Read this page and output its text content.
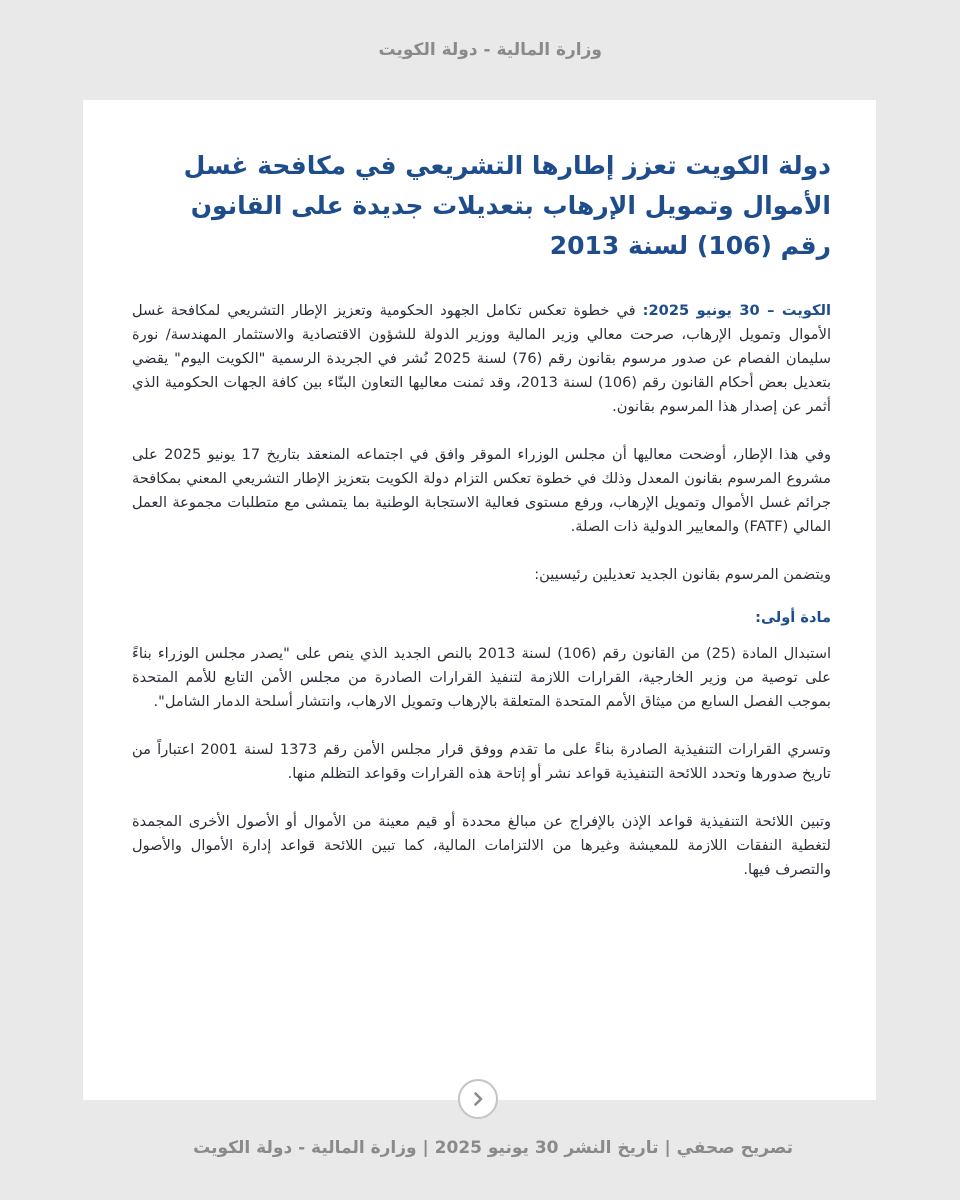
وزارة المالية - دولة الكويت
دولة الكويت تعزز إطارها التشريعي في مكافحة غسل الأموال وتمويل الإرهاب بتعديلات جديدة على القانون رقم (106) لسنة 2013

الكويت – 30 يونيو 2025: في خطوة تعكس تكامل الجهود الحكومية وتعزيز الإطار التشريعي لمكافحة غسل الأموال وتمويل الإرهاب، صرحت معالي وزير المالية ووزير الدولة للشؤون الاقتصادية والاستثمار المهندسة/ نورة سليمان الفصام عن صدور مرسوم بقانون رقم (76) لسنة 2025 نُشر في الجريدة الرسمية "الكويت اليوم" يقضي بتعديل بعض أحكام القانون رقم (106) لسنة 2013، وقد ثمنت معاليها التعاون البنّاء بين كافة الجهات الحكومية الذي أثمر عن إصدار هذا المرسوم بقانون.

وفي هذا الإطار، أوضحت معاليها أن مجلس الوزراء الموقر وافق في اجتماعه المنعقد بتاريخ 17 يونيو 2025 على مشروع المرسوم بقانون المعدل وذلك في خطوة تعكس التزام دولة الكويت بتعزيز الإطار التشريعي المعني بمكافحة جرائم غسل الأموال وتمويل الإرهاب، ورفع مستوى فعالية الاستجابة الوطنية بما يتمشى مع متطلبات مجموعة العمل المالي (FATF) والمعايير الدولية ذات الصلة.

ويتضمن المرسوم بقانون الجديد تعديلين رئيسيين:

مادة أولى:

استبدال المادة (25) من القانون رقم (106) لسنة 2013 بالنص الجديد الذي ينص على "يصدر مجلس الوزراء بناءً على توصية من وزير الخارجية، القرارات اللازمة لتنفيذ القرارات الصادرة من مجلس الأمن التابع للأمم المتحدة بموجب الفصل السابع من ميثاق الأمم المتحدة المتعلقة بالإرهاب وتمويل الارهاب، وانتشار أسلحة الدمار الشامل".

وتسري القرارات التنفيذية الصادرة بناءً على ما تقدم ووفق قرار مجلس الأمن رقم 1373 لسنة 2001 اعتباراً من تاريخ صدورها وتحدد اللائحة التنفيذية قواعد نشر أو إتاحة هذه القرارات وقواعد التظلم منها.

وتبين اللائحة التنفيذية قواعد الإذن بالإفراج عن مبالغ محددة أو قيم معينة من الأموال أو الأصول الأخرى المجمدة لتغطية النفقات اللازمة للمعيشة وغيرها من الالتزامات المالية، كما تبين اللائحة قواعد إدارة الأموال والأصول والتصرف فيها.

تصريح صحفي | تاريخ النشر 30 يونيو 2025 | وزارة المالية - دولة الكويت
